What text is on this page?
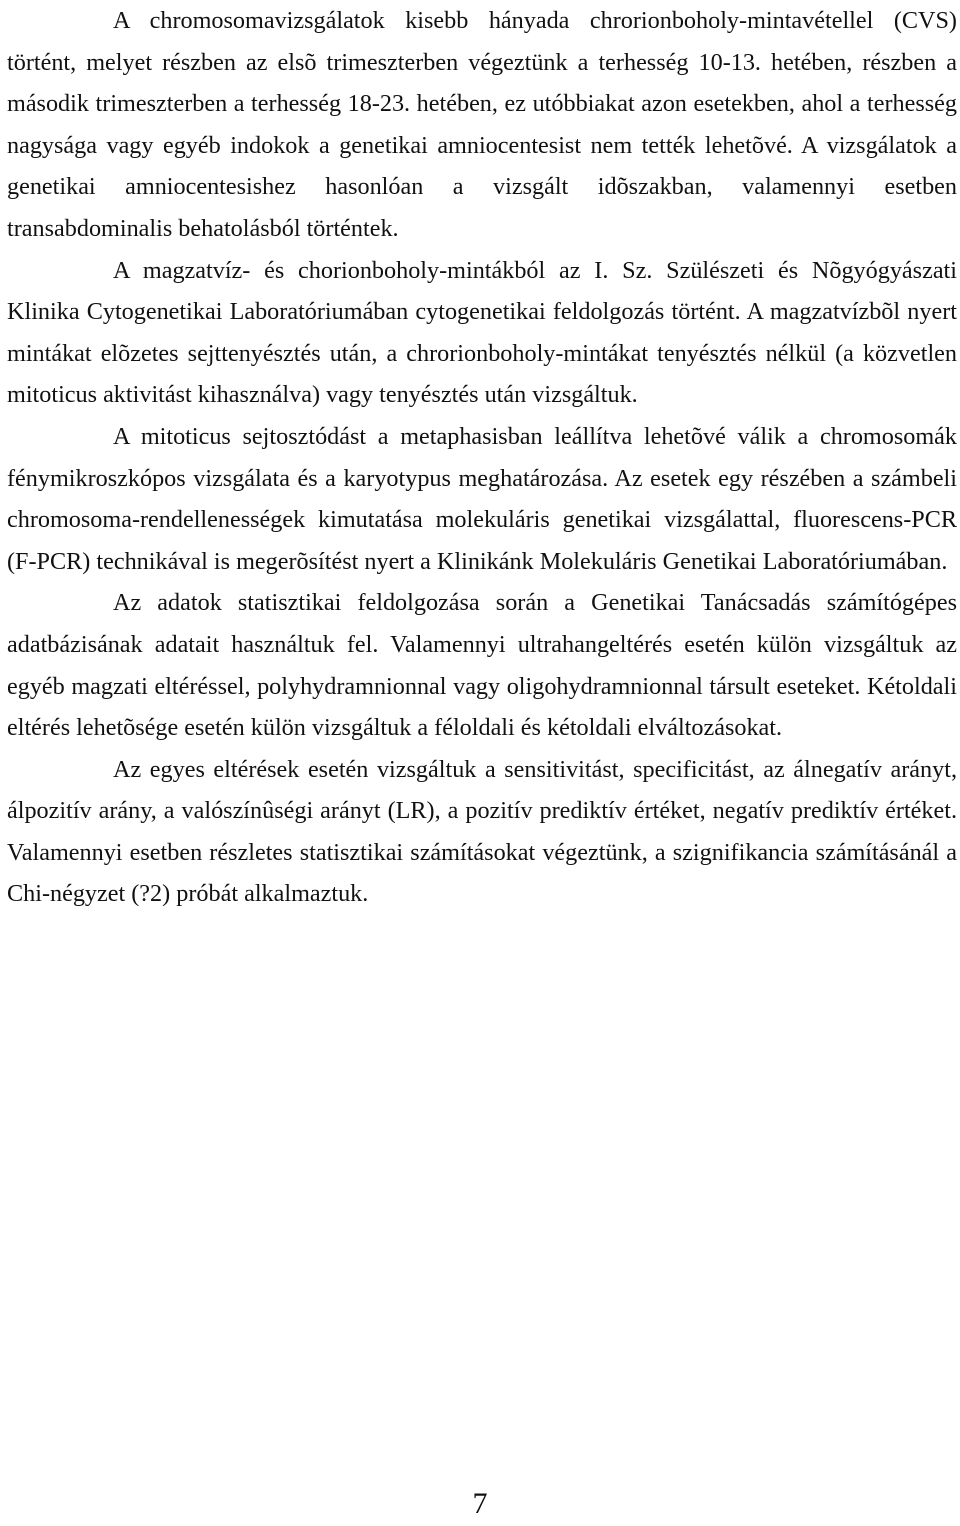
A chromosomavizsgálatok kisebb hányada chrorionboholy-mintavétellel (CVS) történt, melyet részben az elsõ trimeszterben végeztünk a terhesség 10-13. hetében, részben a második trimeszterben a terhesség 18-23. hetében, ez utóbbiakat azon esetekben, ahol a terhesség nagysága vagy egyéb indokok a genetikai amniocentesist nem tették lehetõvé. A vizsgálatok a genetikai amniocentesishez hasonlóan a vizsgált idõszakban, valamennyi esetben transabdominalis behatolásból történtek.

A magzatvíz- és chorionboholy-mintákból az I. Sz. Szülészeti és Nõgyógyászati Klinika Cytogenetikai Laboratóriumában cytogenetikai feldolgozás történt. A magzatvízbõl nyert mintákat elõzetes sejttenyésztés után, a chrorionboholy-mintákat tenyésztés nélkül (a közvetlen mitoticus aktivitást kihasználva) vagy tenyésztés után vizsgáltuk.

A mitoticus sejtosztódást a metaphasisban leállítva lehetõvé válik a chromosomák fénymikroszkópos vizsgálata és a karyotypus meghatározása. Az esetek egy részében a számbeli chromosoma-rendellenességek kimutatása molekuláris genetikai vizsgálattal, fluorescens-PCR (F-PCR) technikával is megerõsítést nyert a Klinikánk Molekuláris Genetikai Laboratóriumában.

Az adatok statisztikai feldolgozása során a Genetikai Tanácsadás számítógépes adatbázisának adatait használtuk fel. Valamennyi ultrahangeltérés esetén külön vizsgáltuk az egyéb magzati eltéréssel, polyhydramnionnal vagy oligohydramnionnal társult eseteket. Kétoldali eltérés lehetõsége esetén külön vizsgáltuk a féloldali és kétoldali elváltozásokat.

Az egyes eltérések esetén vizsgáltuk a sensitivitást, specificitást, az álnegatív arányt, álpozitív arány, a valószínûségi arányt (LR), a pozitív prediktív értéket, negatív prediktív értéket. Valamennyi esetben részletes statisztikai számításokat végeztünk, a szignifikancia számításánál a Chi-négyzet (?2) próbát alkalmaztuk.

7
